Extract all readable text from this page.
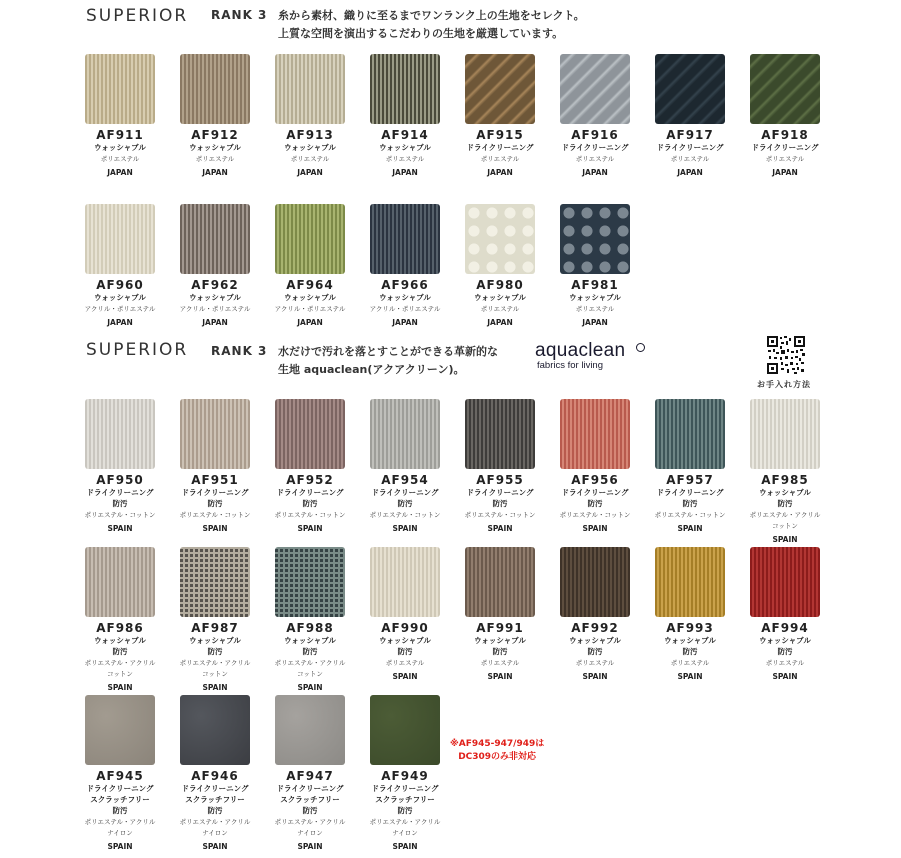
SUPERIOR RANK 3 糸から素材、織りに至るまでワンランク上の生地をセレクト。
上質な空間を演出するこだわりの生地を厳選しています。
SUPERIOR RANK 3 水だけで汚れを落とすことができる革新的な
生地 aquaclean(アクアクリーン)。
aquaclean
fabrics for living
お手入れ方法
※AF945-947/949は
DC309のみ非対応
AF911
ウォッシャブル
ポリエステル
JAPAN
AF912
ウォッシャブル
ポリエステル
JAPAN
AF913
ウォッシャブル
ポリエステル
JAPAN
AF914
ウォッシャブル
ポリエステル
JAPAN
AF915
ドライクリーニング
ポリエステル
JAPAN
AF916
ドライクリーニング
ポリエステル
JAPAN
AF917
ドライクリーニング
ポリエステル
JAPAN
AF918
ドライクリーニング
ポリエステル
JAPAN
AF960
ウォッシャブル
アクリル・ポリエステル
JAPAN
AF962
ウォッシャブル
アクリル・ポリエステル
JAPAN
AF964
ウォッシャブル
アクリル・ポリエステル
JAPAN
AF966
ウォッシャブル
アクリル・ポリエステル
JAPAN
AF980
ウォッシャブル
ポリエステル
JAPAN
AF981
ウォッシャブル
ポリエステル
JAPAN
AF950
ドライクリーニング
防汚
ポリエステル・コットン
SPAIN
AF951
ドライクリーニング
防汚
ポリエステル・コットン
SPAIN
AF952
ドライクリーニング
防汚
ポリエステル・コットン
SPAIN
AF954
ドライクリーニング
防汚
ポリエステル・コットン
SPAIN
AF955
ドライクリーニング
防汚
ポリエステル・コットン
SPAIN
AF956
ドライクリーニング
防汚
ポリエステル・コットン
SPAIN
AF957
ドライクリーニング
防汚
ポリエステル・コットン
SPAIN
AF985
ウォッシャブル
防汚
ポリエステル・アクリル
コットン
SPAIN
AF986
ウォッシャブル
防汚
ポリエステル・アクリル
コットン
SPAIN
AF987
ウォッシャブル
防汚
ポリエステル・アクリル
コットン
SPAIN
AF988
ウォッシャブル
防汚
ポリエステル・アクリル
コットン
SPAIN
AF990
ウォッシャブル
防汚
ポリエステル
SPAIN
AF991
ウォッシャブル
防汚
ポリエステル
SPAIN
AF992
ウォッシャブル
防汚
ポリエステル
SPAIN
AF993
ウォッシャブル
防汚
ポリエステル
SPAIN
AF994
ウォッシャブル
防汚
ポリエステル
SPAIN
AF945
ドライクリーニング
スクラッチフリー
防汚
ポリエステル・アクリル
ナイロン
SPAIN
AF946
ドライクリーニング
スクラッチフリー
防汚
ポリエステル・アクリル
ナイロン
SPAIN
AF947
ドライクリーニング
スクラッチフリー
防汚
ポリエステル・アクリル
ナイロン
SPAIN
AF949
ドライクリーニング
スクラッチフリー
防汚
ポリエステル・アクリル
ナイロン
SPAIN
